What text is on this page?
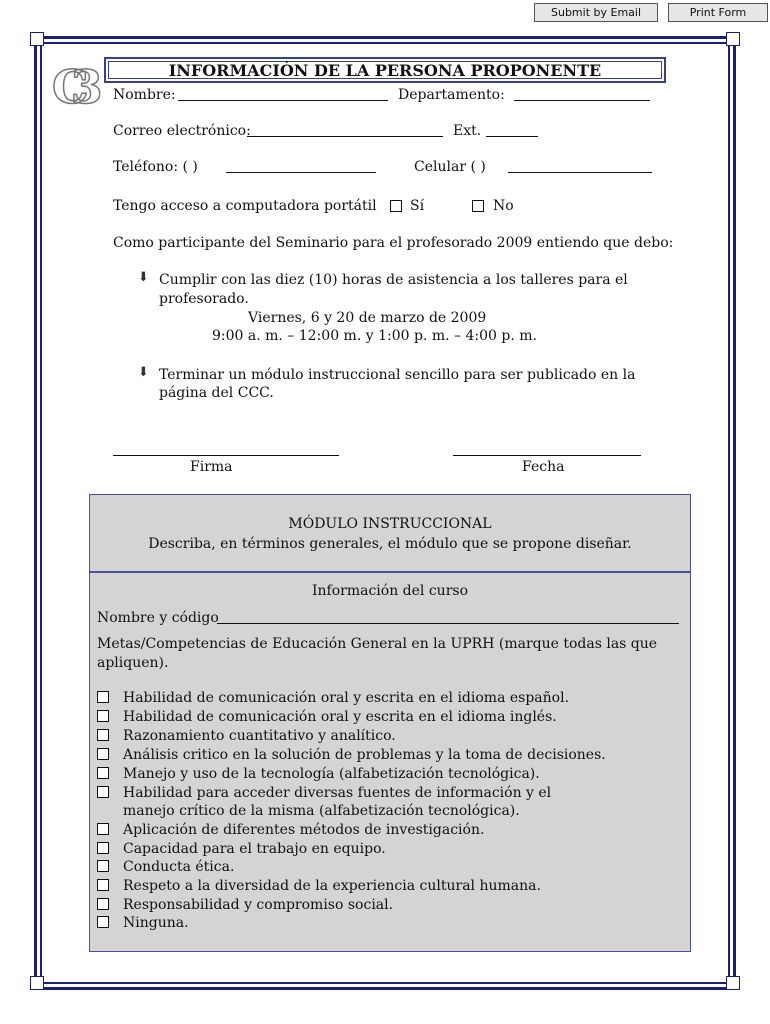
Submit by Email	Print Form
C3	INFORMACIÓN DE LA PERSONA PROPONENTE
Nombre:	Departamento:
Correo electrónico:	Ext.
Teléfono: ( )	Celular ( )
Tengo acceso a computadora portátil Sí	No
Como participante del Seminario para el profesorado 2009 entiendo que debo:
⬇ Cumplir con las diez (10) horas de asistencia a los talleres para el
profesorado.
Viernes, 6 y 20 de marzo de 2009
9:00 a. m. – 12:00 m. y 1:00 p. m. – 4:00 p. m.
⬇ Terminar un módulo instruccional sencillo para ser publicado en la
página del CCC.
Firma	Fecha
MÓDULO INSTRUCCIONAL
Describa, en términos generales, el módulo que se propone diseñar.
Información del curso
Nombre y código
Metas/Competencias de Educación General en la UPRH (marque todas las que
apliquen).
Habilidad de comunicación oral y escrita en el idioma español.
Habilidad de comunicación oral y escrita en el idioma inglés.
Razonamiento cuantitativo y analítico.
Análisis critico en la solución de problemas y la toma de decisiones.
Manejo y uso de la tecnología (alfabetización tecnológica).
Habilidad para acceder diversas fuentes de información y el
manejo crítico de la misma (alfabetización tecnológica).
Aplicación de diferentes métodos de investigación.
Capacidad para el trabajo en equipo.
Conducta ética.
Respeto a la diversidad de la experiencia cultural humana.
Responsabilidad y compromiso social.
Ninguna.
